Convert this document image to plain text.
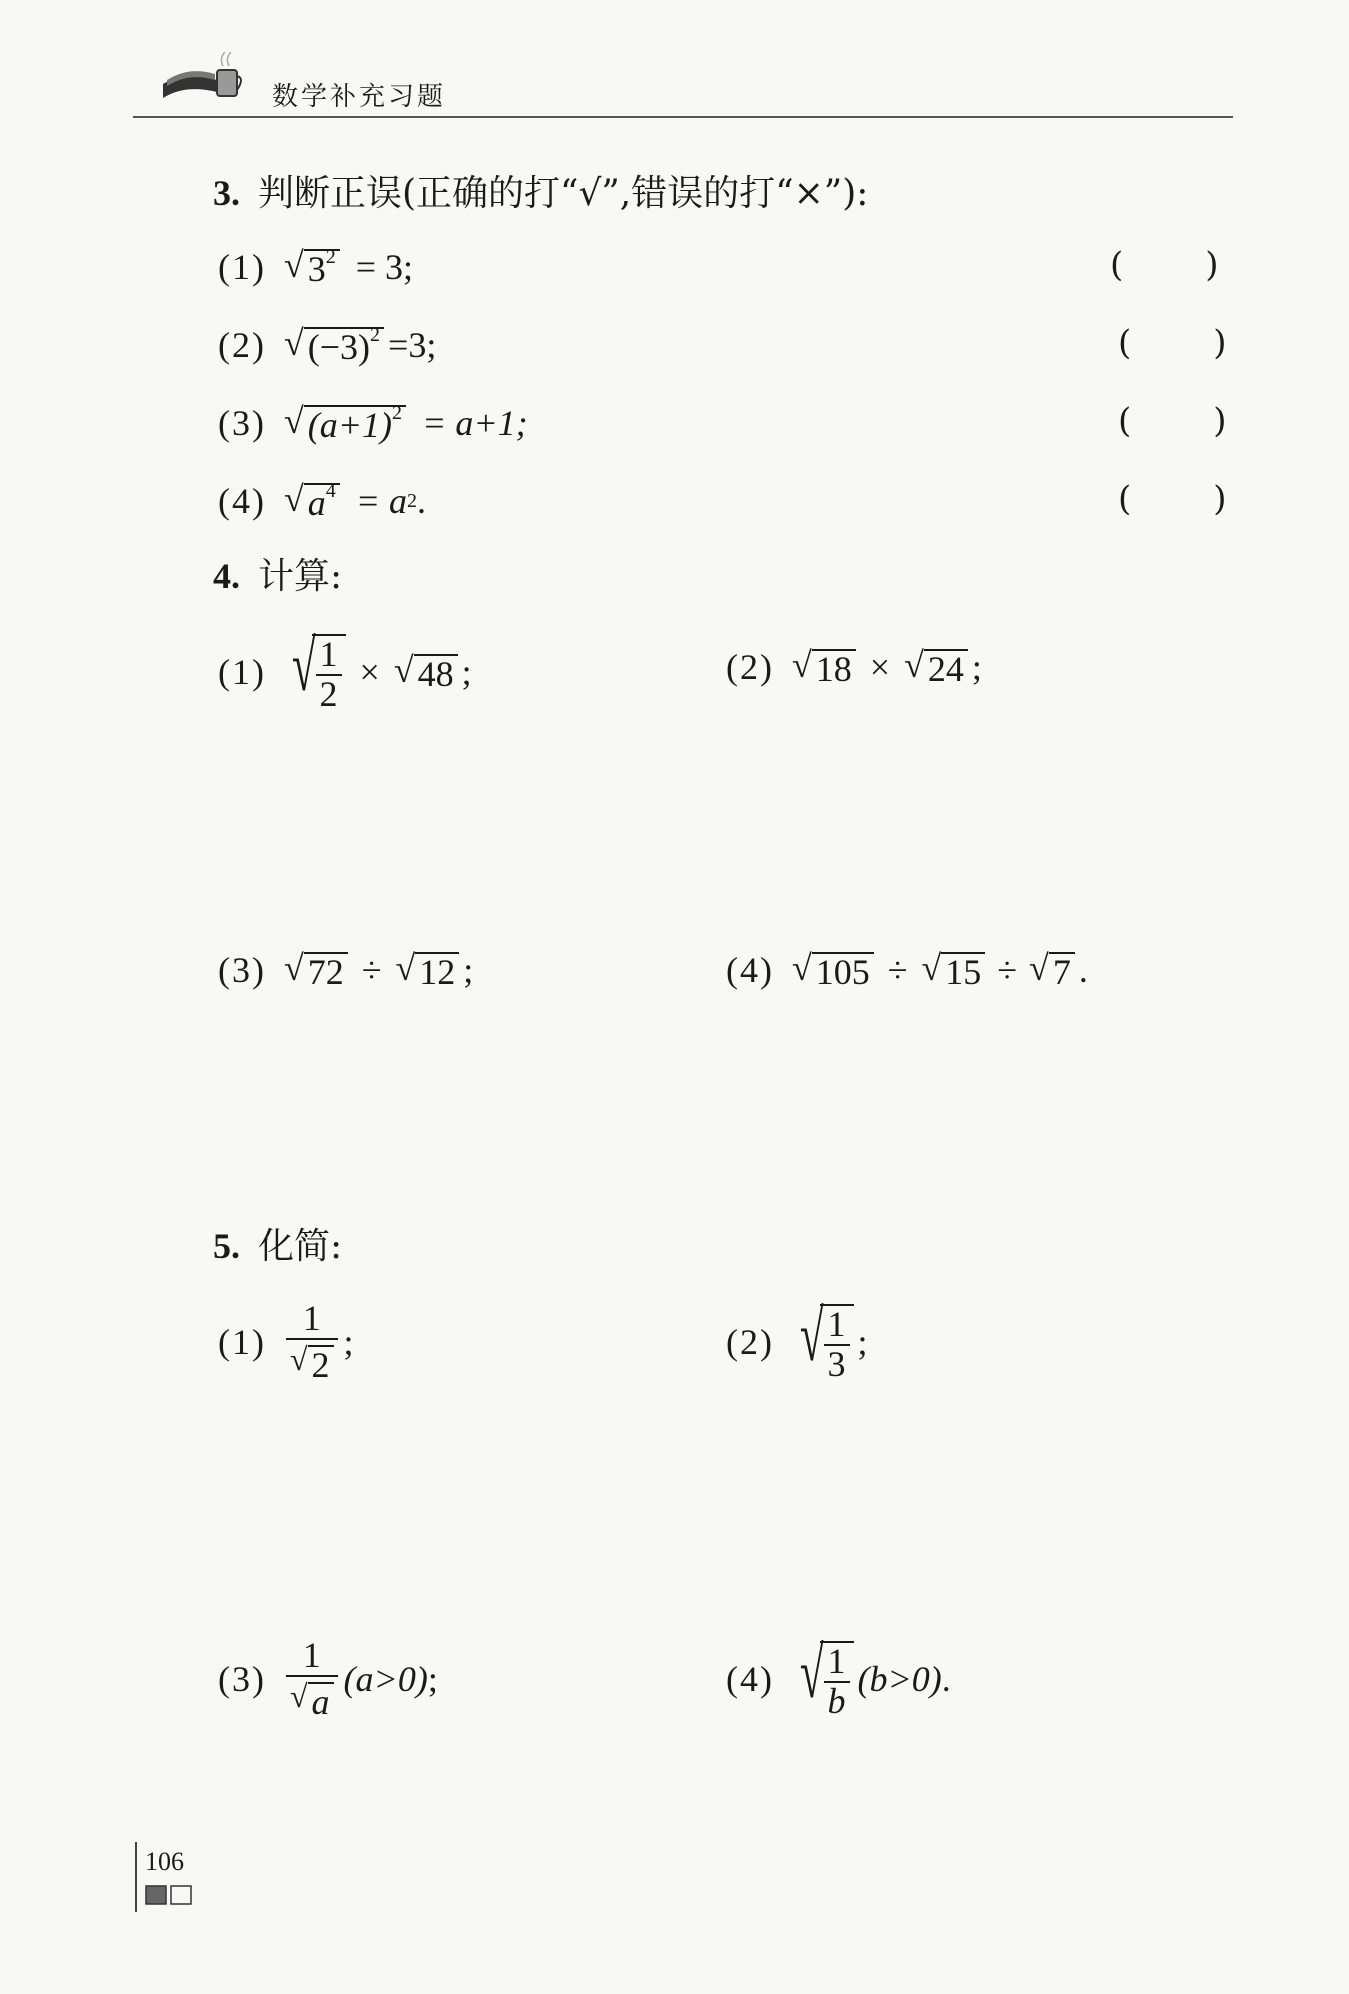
数学补充习题
3. 判断正误(正确的打“√”,错误的打“×”):
(1) √ $3^2 = 3$;	( )
(2) √ $(-3)^2 =3$;	( )
(3) √ $(a+1)^2 = a+1$;	( )
(4) √ $a^4 = a$ 2 .	( )
4. 计算:
(1) √ $\frac{1}{2}$ × √ 48 ;	(2) √ 18 × √ 24 ;
(3) √ 72 ÷ √ 12 ;	(4) √ 105 ÷ √ 15 ÷ √ 7 .
5. 化简:
$(1) \frac{1}{√ 2}$ ;	(2) √ $\frac{1}{3}$ ;
$(3) \frac{1}{√ a} (a>0)$ ;	(4) √ $\frac{1}{b} (b>0)$ .
106
